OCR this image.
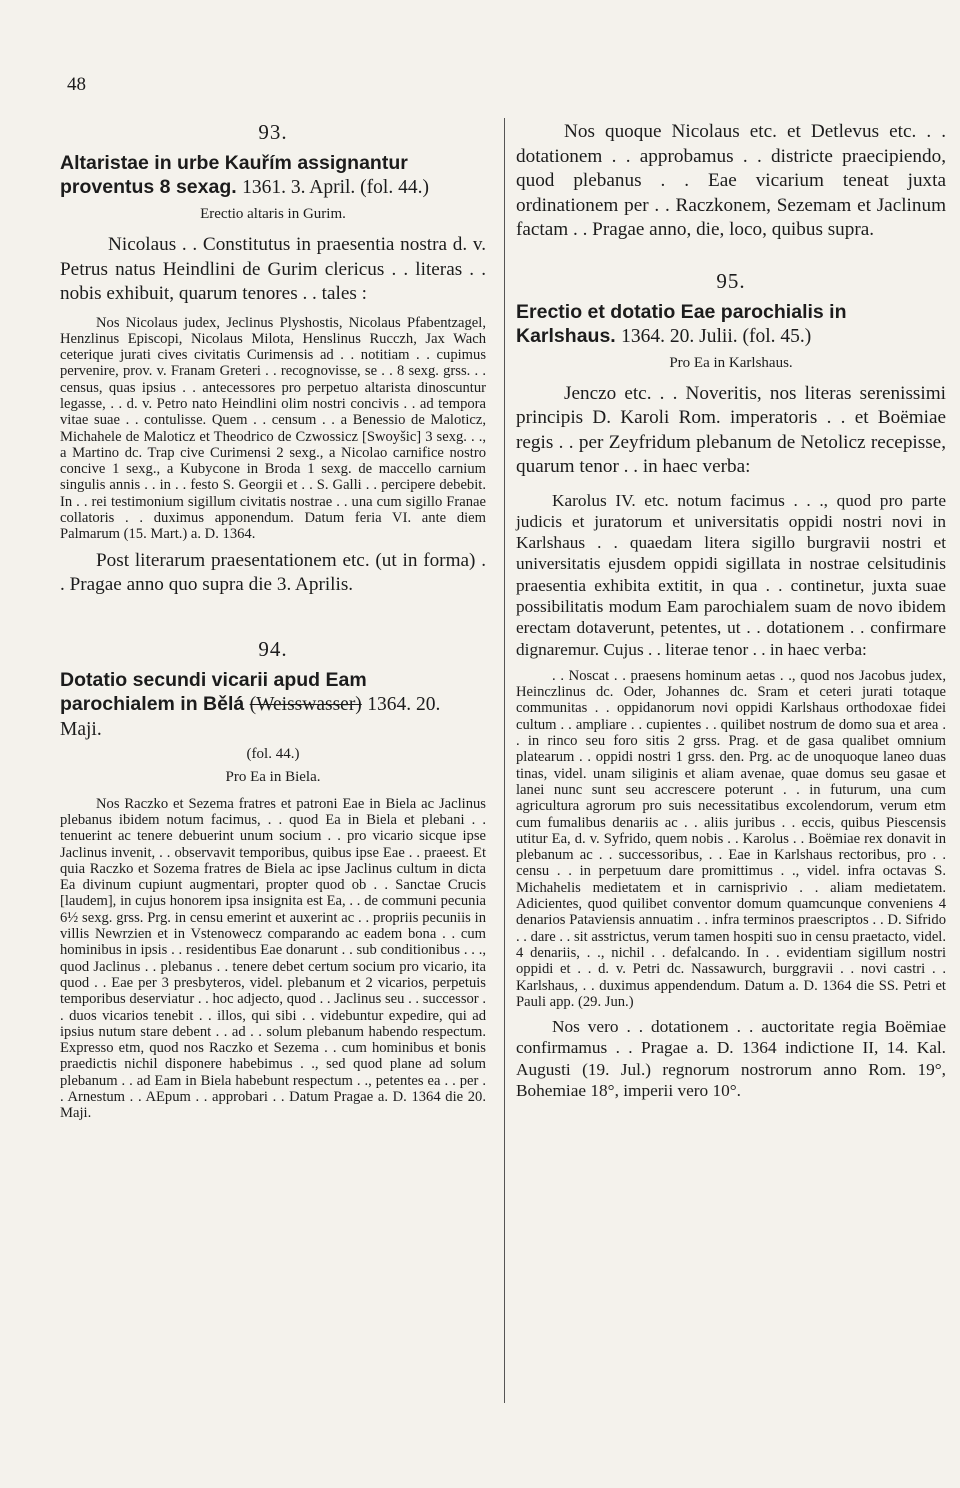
48
93.
Altaristae in urbe Kauřím assignantur proventus 8 sexag. 1361. 3. April. (fol. 44.)
Erectio altaris in Gurim.

Nicolaus . . Constitutus in praesentia nostra d. v. Petrus natus Heindlini de Gurim clericus . . literas . . nobis exhibuit, quarum tenores . . tales :

Nos Nicolaus judex, Jeclinus Plyshostis, Nicolaus Pfabentzagel, Henzlinus Episcopi, Nicolaus Milota, Henslinus Rucczh, Jax Wach ceterique jurati cives civitatis Curimensis ad . . notitiam . . cupimus pervenire, prov. v. Franam Greteri . . recognovisse, se . . 8 sexg. grss. . . census, quas ipsius . . antecessores pro perpetuo altarista dinoscuntur legasse, . . d. v. Petro nato Heindlini olim nostri concivis . . ad tempora vitae suae . . contulisse. Quem . . censum . . a Benessio de Maloticz, Michahele de Maloticz et Theodrico de Czwossicz [Swoyšic] 3 sexg. . ., a Martino dc. Trap cive Curimensi 2 sexg., a Nicolao carnifice nostro concive 1 sexg., a Kubycone in Broda 1 sexg. de maccello carnium singulis annis . . in . . festo S. Georgii et . . S. Galli . . percipere debebit. In . . rei testimonium sigillum civitatis nostrae . . una cum sigillo Franae collatoris . . duximus apponendum. Datum feria VI. ante diem Palmarum (15. Mart.) a. D. 1364.

Post literarum praesentationem etc. (ut in forma) . . Pragae anno quo supra die 3. Aprilis.

94.
Dotatio secundi vicarii apud Eam parochialem in Bělá (Weisswasser) 1364. 20. Maji.
(fol. 44.)
Pro Ea in Biela.

Nos Raczko et Sezema fratres et patroni Eae in Biela ac Jaclinus plebanus ibidem notum facimus, . . quod Ea in Biela et plebani . . tenuerint ac tenere debuerint unum socium . . pro vicario sicque ipse Jaclinus invenit, . . observavit temporibus, quibus ipse Eae . . praeest. Et quia Raczko et Sozema fratres de Biela ac ipse Jaclinus cultum in dicta Ea divinum cupiunt augmentari, propter quod ob . . Sanctae Crucis [laudem], in cujus honorem ipsa insignita est Ea, . . de communi pecunia 6½ sexg. grss. Prg. in censu emerint et auxerint ac . . propriis pecuniis in villis Newrzien et in Vstenowecz comparando ac eadem bona . . cum hominibus in ipsis . . residentibus Eae donarunt . . sub conditionibus . . ., quod Jaclinus . . plebanus . . tenere debet certum socium pro vicario, ita quod . . Eae per 3 presbyteros, videl. plebanum et 2 vicarios, perpetuis temporibus deserviatur . . hoc adjecto, quod . . Jaclinus seu . . successor . . duos vicarios tenebit . . illos, qui sibi . . videbuntur expedire, qui ad ipsius nutum stare debent . . ad . . solum plebanum habendo respectum. Expresso etm, quod nos Raczko et Sezema . . cum hominibus et bonis praedictis nichil disponere habebimus . ., sed quod plane ad solum plebanum . . ad Eam in Biela habebunt respectum . ., petentes ea . . per . . Arnestum . . AEpum . . approbari . . Datum Pragae a. D. 1364 die 20. Maji.

Nos quoque Nicolaus etc. et Detlevus etc. . . dotationem . . approbamus . . districte praecipiendo, quod plebanus . . Eae vicarium teneat juxta ordinationem per . . Raczkonem, Sezemam et Jaclinum factam . . Pragae anno, die, loco, quibus supra.

95.
Erectio et dotatio Eae parochialis in Karlshaus. 1364. 20. Julii. (fol. 45.)
Pro Ea in Karlshaus.

Jenczo etc. . . Noveritis, nos literas serenissimi principis D. Karoli Rom. imperatoris . . et Boëmiae regis . . per Zeyfridum plebanum de Netolicz recepisse, quarum tenor . . in haec verba:

Karolus IV. etc. notum facimus . . ., quod pro parte judicis et juratorum et universitatis oppidi nostri novi in Karlshaus . . quaedam litera sigillo burgravii nostri et universitatis ejusdem oppidi sigillata in nostrae celsitudinis praesentia exhibita extitit, in qua . . continetur, juxta suae possibilitatis modum Eam parochialem suam de novo ibidem erectam dotaverunt, petentes, ut . . dotationem . . confirmare dignaremur. Cujus . . literae tenor . . in haec verba:

. . Noscat . . praesens hominum aetas . ., quod nos Jacobus judex, Heinczlinus dc. Oder, Johannes dc. Sram et ceteri jurati totaque communitas . . oppidanorum novi oppidi Karlshaus orthodoxae fidei cultum . . ampliare . . cupientes . . quilibet nostrum de domo sua et area . . in rinco seu foro sitis 2 grss. Prag. et de gasa qualibet omnium platearum . . oppidi nostri 1 grss. den. Prg. ac de unoquoque laneo duas tinas, videl. unam siliginis et aliam avenae, quae domus seu gasae et lanei nunc sunt seu accrescere poterunt . . in futurum, una cum agricultura agrorum pro suis necessitatibus excolendorum, verum etm cum fumalibus denariis ac . . aliis juribus . . eccis, quibus Piescensis utitur Ea, d. v. Syfrido, quem nobis . . Karolus . . Boëmiae rex donavit in plebanum ac . . successoribus, . . Eae in Karlshaus rectoribus, pro . . censu . . in perpetuum dare promittimus . ., videl. infra octavas S. Michahelis medietatem et in carnisprivio . . aliam medietatem. Adicientes, quod quilibet conventor domum quamcunque conveniens 4 denarios Pataviensis annuatim . . infra terminos praescriptos . . D. Sifrido . . dare . . sit asstrictus, verum tamen hospiti suo in censu praetacto, videl. 4 denariis, . ., nichil . . defalcando. In . . evidentiam sigillum nostri oppidi et . . d. v. Petri dc. Nassawurch, burggravii . . novi castri . . Karlshaus, . . duximus appendendum. Datum a. D. 1364 die SS. Petri et Pauli app. (29. Jun.)

Nos vero . . dotationem . . auctoritate regia Boëmiae confirmamus . . Pragae a. D. 1364 indictione II, 14. Kal. Augusti (19. Jul.) regnorum nostrorum anno Rom. 19°, Bohemiae 18°, imperii vero 10°.
